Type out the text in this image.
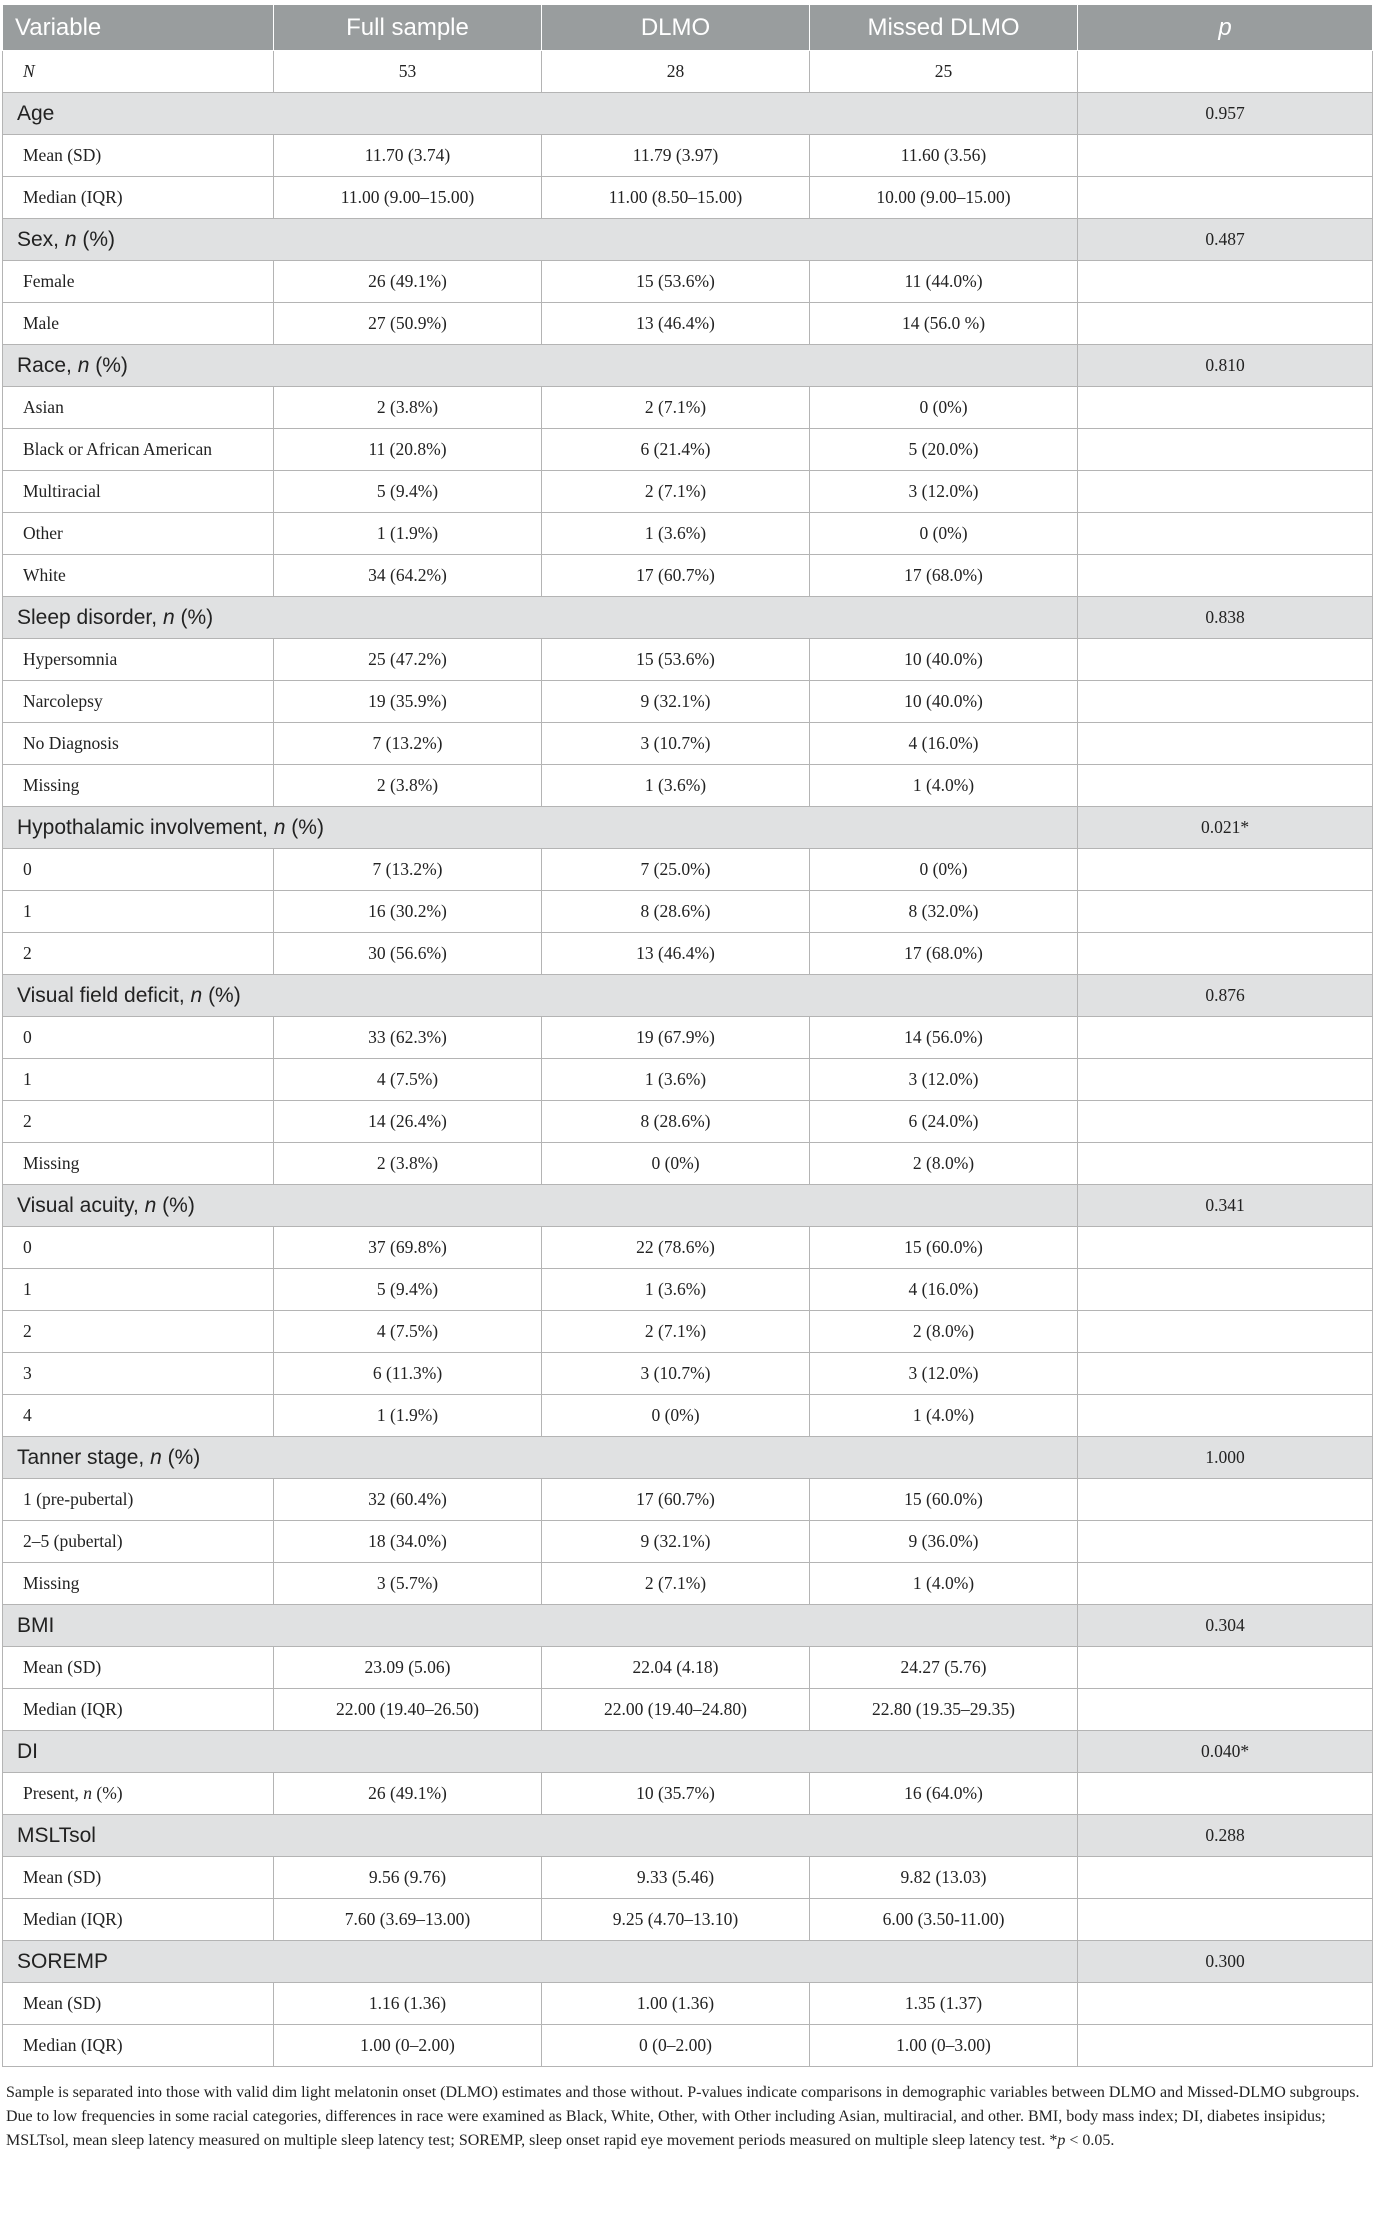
Variable	Full sample	DLMO	Missed DLMO	p
N	53	28	25	
Age				0.957
Mean (SD)	11.70 (3.74)	11.79 (3.97)	11.60 (3.56)	
Median (IQR)	11.00 (9.00–15.00)	11.00 (8.50–15.00)	10.00 (9.00–15.00)	
Sex, n (%)				0.487
Female	26 (49.1%)	15 (53.6%)	11 (44.0%)	
Male	27 (50.9%)	13 (46.4%)	14 (56.0 %)	
Race, n (%)				0.810
Asian	2 (3.8%)	2 (7.1%)	0 (0%)	
Black or African American	11 (20.8%)	6 (21.4%)	5 (20.0%)	
Multiracial	5 (9.4%)	2 (7.1%)	3 (12.0%)	
Other	1 (1.9%)	1 (3.6%)	0 (0%)	
White	34 (64.2%)	17 (60.7%)	17 (68.0%)	
Sleep disorder, n (%)				0.838
Hypersomnia	25 (47.2%)	15 (53.6%)	10 (40.0%)	
Narcolepsy	19 (35.9%)	9 (32.1%)	10 (40.0%)	
No Diagnosis	7 (13.2%)	3 (10.7%)	4 (16.0%)	
Missing	2 (3.8%)	1 (3.6%)	1 (4.0%)	
Hypothalamic involvement, n (%)				0.021*
0	7 (13.2%)	7 (25.0%)	0 (0%)	
1	16 (30.2%)	8 (28.6%)	8 (32.0%)	
2	30 (56.6%)	13 (46.4%)	17 (68.0%)	
Visual field deficit, n (%)				0.876
0	33 (62.3%)	19 (67.9%)	14 (56.0%)	
1	4 (7.5%)	1 (3.6%)	3 (12.0%)	
2	14 (26.4%)	8 (28.6%)	6 (24.0%)	
Missing	2 (3.8%)	0 (0%)	2 (8.0%)	
Visual acuity, n (%)				0.341
0	37 (69.8%)	22 (78.6%)	15 (60.0%)	
1	5 (9.4%)	1 (3.6%)	4 (16.0%)	
2	4 (7.5%)	2 (7.1%)	2 (8.0%)	
3	6 (11.3%)	3 (10.7%)	3 (12.0%)	
4	1 (1.9%)	0 (0%)	1 (4.0%)	
Tanner stage, n (%)				1.000
1 (pre-pubertal)	32 (60.4%)	17 (60.7%)	15 (60.0%)	
2–5 (pubertal)	18 (34.0%)	9 (32.1%)	9 (36.0%)	
Missing	3 (5.7%)	2 (7.1%)	1 (4.0%)	
BMI				0.304
Mean (SD)	23.09 (5.06)	22.04 (4.18)	24.27 (5.76)	
Median (IQR)	22.00 (19.40–26.50)	22.00 (19.40–24.80)	22.80 (19.35–29.35)	
DI				0.040*
Present, n (%)	26 (49.1%)	10 (35.7%)	16 (64.0%)	
MSLTsol				0.288
Mean (SD)	9.56 (9.76)	9.33 (5.46)	9.82 (13.03)	
Median (IQR)	7.60 (3.69–13.00)	9.25 (4.70–13.10)	6.00 (3.50-11.00)	
SOREMP				0.300
Mean (SD)	1.16 (1.36)	1.00 (1.36)	1.35 (1.37)	
Median (IQR)	1.00 (0–2.00)	0 (0–2.00)	1.00 (0–3.00)	
Sample is separated into those with valid dim light melatonin onset (DLMO) estimates and those without. P-values indicate comparisons in demographic variables between DLMO and Missed-DLMO subgroups. Due to low frequencies in some racial categories, differences in race were examined as Black, White, Other, with Other including Asian, multiracial, and other. BMI, body mass index; DI, diabetes insipidus; MSLTsol, mean sleep latency measured on multiple sleep latency test; SOREMP, sleep onset rapid eye movement periods measured on multiple sleep latency test. *p < 0.05.
